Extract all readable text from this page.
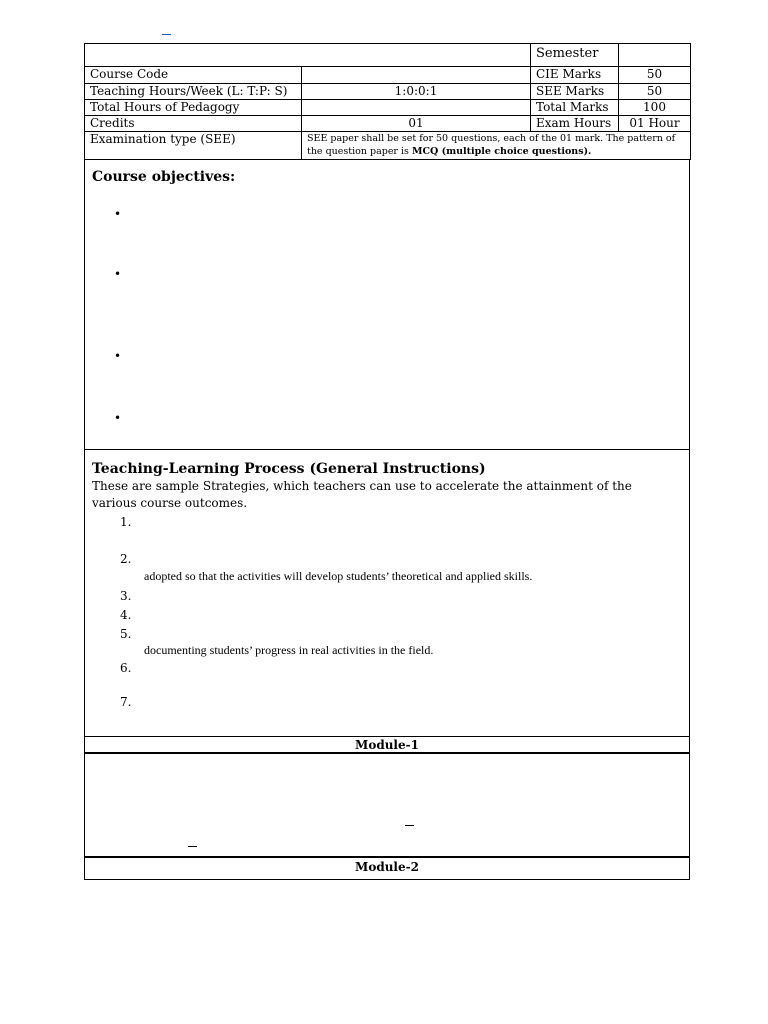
		Semester	
Course Code		CIE Marks	50
Teaching Hours/Week (L: T:P: S)	1:0:0:1	SEE Marks	50
Total Hours of Pedagogy		Total Marks	100
Credits	01	Exam Hours	01 Hour
Examination type (SEE)	SEE paper shall be set for 50 questions, each of the 01 mark. The pattern of the question paper is MCQ (multiple choice questions).		
Course objectives:
•
•
•
•
Teaching-Learning Process (General Instructions)
These are sample Strategies, which teachers can use to accelerate the attainment of the various course outcomes.
1.
2.
adopted so that the activities will develop students’ theoretical and applied skills.
3.
4.
5.
documenting students’ progress in real activities in the field.
6.
7.
Module-1
Module-2
